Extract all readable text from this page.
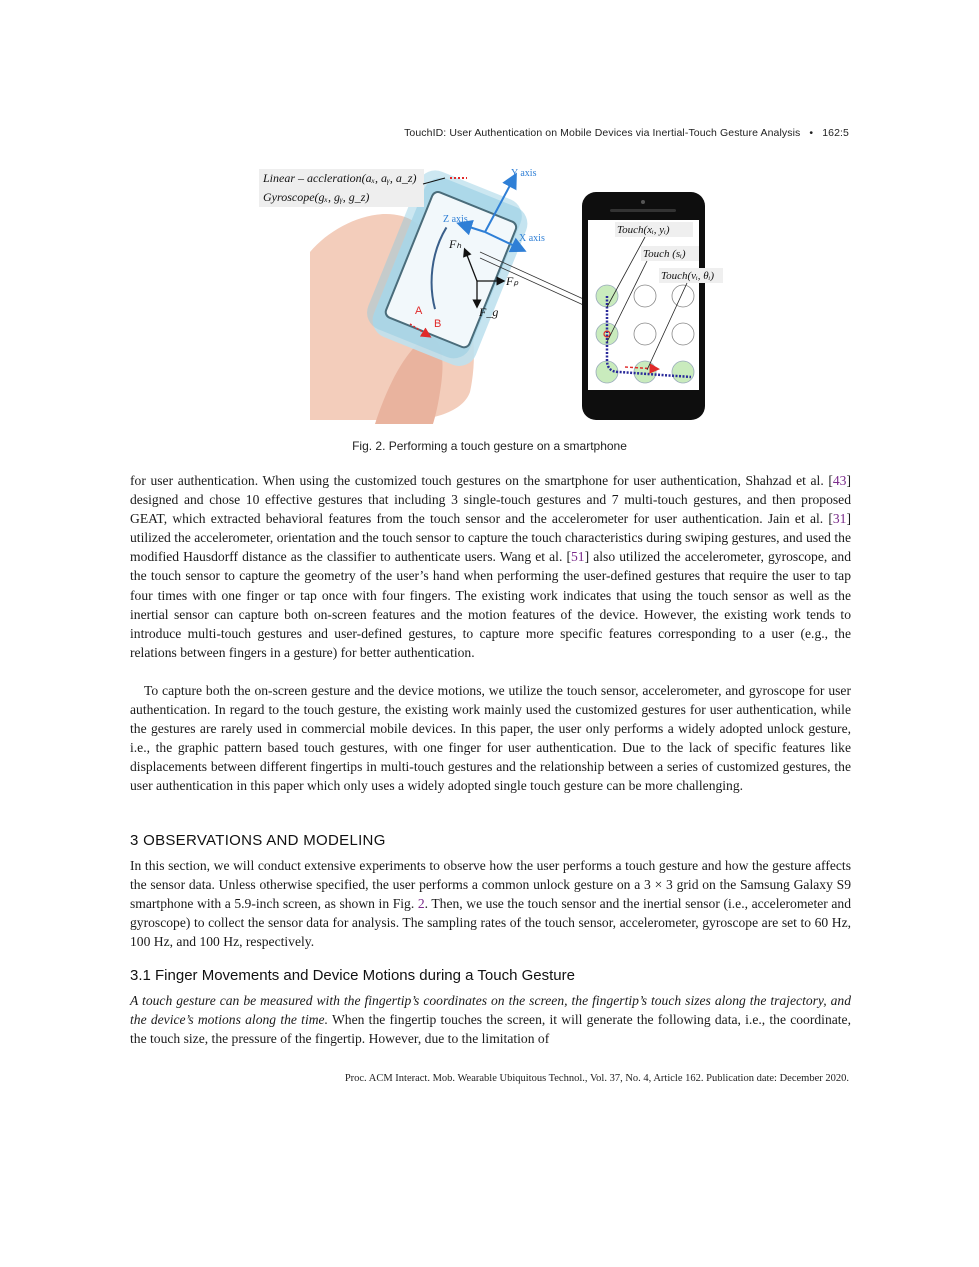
TouchID: User Authentication on Mobile Devices via Inertial-Touch Gesture Analysis • 162:5
Linear – accleration(aₓ, aᵧ, a_z)
Gyroscope(gₓ, gᵧ, g_z)
Y axis
Z axis
X axis
Fₕ
Fₚ
F_g
A
B
Touch(xᵢ, yᵢ)
Touch (sᵢ)
Touch(vᵢ, θᵢ)
Fig. 2. Performing a touch gesture on a smartphone

for user authentication. When using the customized touch gestures on the smartphone for user authentication, Shahzad et al. [43] designed and chose 10 effective gestures that including 3 single-touch gestures and 7 multi-touch gestures, and then proposed GEAT, which extracted behavioral features from the touch sensor and the accelerometer for user authentication. Jain et al. [31] utilized the accelerometer, orientation and the touch sensor to capture the touch characteristics during swiping gestures, and used the modified Hausdorff distance as the classifier to authenticate users. Wang et al. [51] also utilized the accelerometer, gyroscope, and the touch sensor to capture the geometry of the user’s hand when performing the user-defined gestures that require the user to tap four times with one finger or tap once with four fingers. The existing work indicates that using the touch sensor as well as the inertial sensor can capture both on-screen features and the motion features of the device. However, the existing work tends to introduce multi-touch gestures and user-defined gestures, to capture more specific features corresponding to a user (e.g., the relations between fingers in a gesture) for better authentication.

To capture both the on-screen gesture and the device motions, we utilize the touch sensor, accelerometer, and gyroscope for user authentication. In regard to the touch gesture, the existing work mainly used the customized gestures for user authentication, while the gestures are rarely used in commercial mobile devices. In this paper, the user only performs a widely adopted unlock gesture, i.e., the graphic pattern based touch gestures, with one finger for user authentication. Due to the lack of specific features like displacements between different fingertips in multi-touch gestures and the relationship between a series of customized gestures, the user authentication in this paper which only uses a widely adopted single touch gesture can be more challenging.
3 OBSERVATIONS AND MODELING

In this section, we will conduct extensive experiments to observe how the user performs a touch gesture and how the gesture affects the sensor data. Unless otherwise specified, the user performs a common unlock gesture on a 3 × 3 grid on the Samsung Galaxy S9 smartphone with a 5.9-inch screen, as shown in Fig. 2. Then, we use the touch sensor and the inertial sensor (i.e., accelerometer and gyroscope) to collect the sensor data for analysis. The sampling rates of the touch sensor, accelerometer, gyroscope are set to 60 Hz, 100 Hz, and 100 Hz, respectively.

3.1 Finger Movements and Device Motions during a Touch Gesture

A touch gesture can be measured with the fingertip’s coordinates on the screen, the fingertip’s touch sizes along the trajectory, and the device’s motions along the time. When the fingertip touches the screen, it will generate the following data, i.e., the coordinate, the touch size, the pressure of the fingertip. However, due to the limitation of

Proc. ACM Interact. Mob. Wearable Ubiquitous Technol., Vol. 37, No. 4, Article 162. Publication date: December 2020.
